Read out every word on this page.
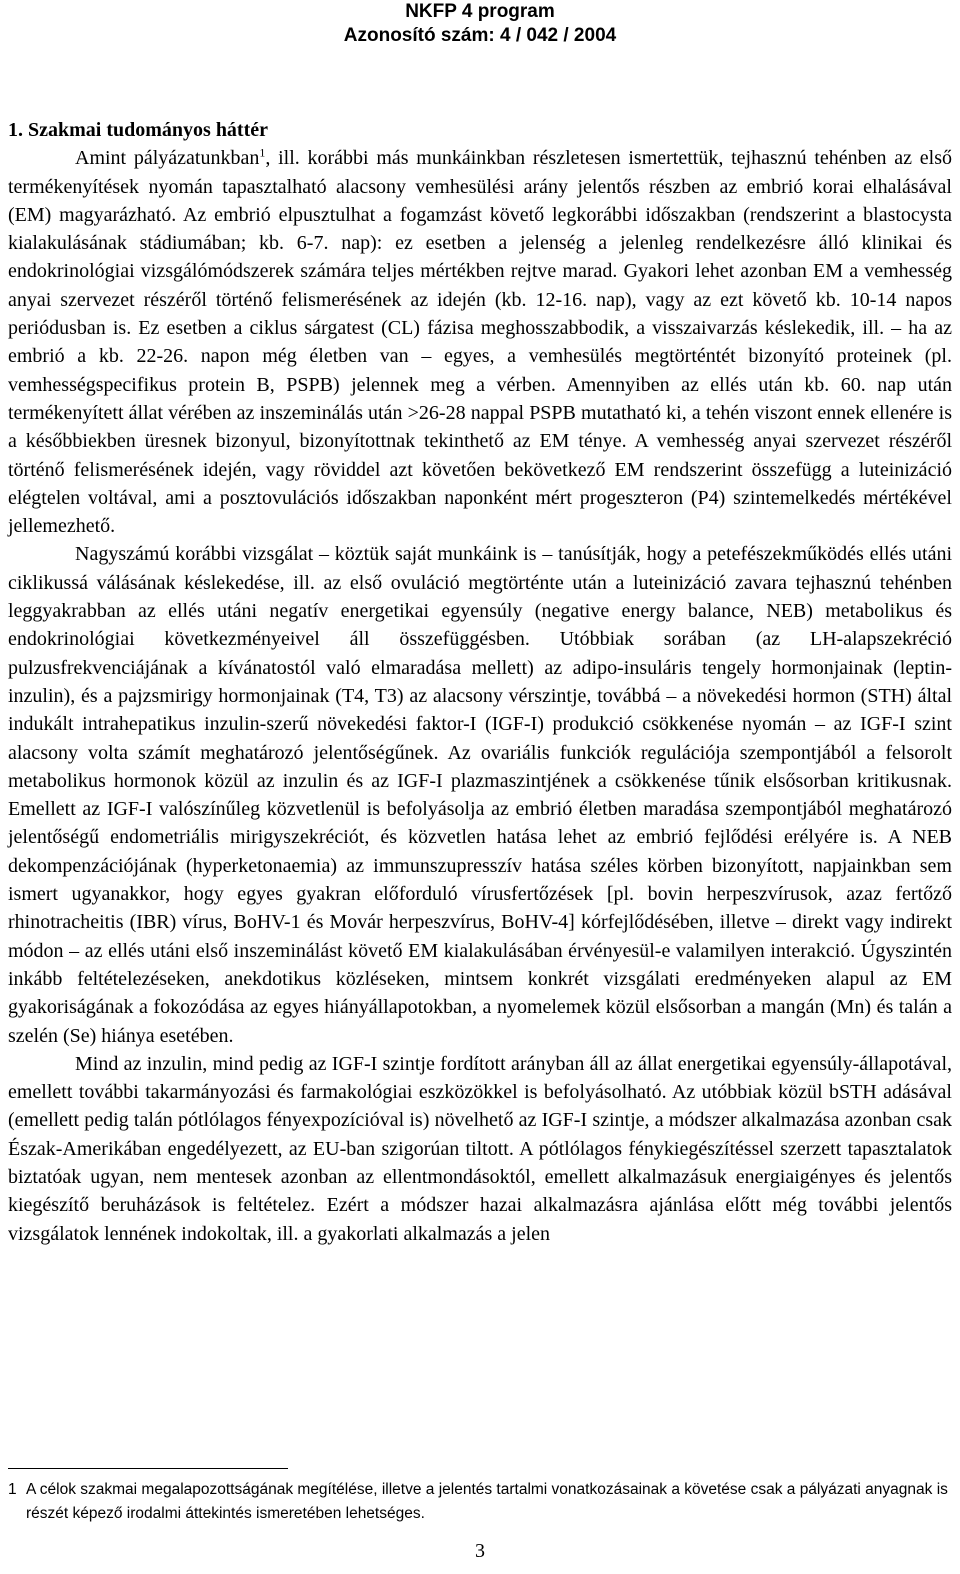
NKFP 4 program
Azonosító szám: 4 / 042 / 2004
1. Szakmai tudományos háttér

Amint pályázatunkban$^1$, ill. korábbi más munkáinkban részletesen ismertettük, tejhasznú tehénben az első termékenyítések nyomán tapasztalható alacsony vemhesülési arány jelentős részben az embrió korai elhalásával (EM) magyarázható. Az embrió elpusztulhat a fogamzást követő legkorábbi időszakban (rendszerint a blastocysta kialakulásának stádiumában; kb. 6-7. nap): ez esetben a jelenség a jelenleg rendelkezésre álló klinikai és endokrinológiai vizsgálómódszerek számára teljes mértékben rejtve marad. Gyakori lehet azonban EM a vemhesség anyai szervezet részéről történő felismerésének az idején (kb. 12-16. nap), vagy az ezt követő kb. 10-14 napos periódusban is. Ez esetben a ciklus sárgatest (CL) fázisa meghosszabbodik, a visszaivarzás késlekedik, ill. – ha az embrió a kb. 22-26. napon még életben van – egyes, a vemhesülés megtörténtét bizonyító proteinek (pl. vemhességspecifikus protein B, PSPB) jelennek meg a vérben. Amennyiben az ellés után kb. 60. nap után termékenyített állat vérében az inszeminálás után >26-28 nappal PSPB mutatható ki, a tehén viszont ennek ellenére is a későbbiekben üresnek bizonyul, bizonyítottnak tekinthető az EM ténye. A vemhesség anyai szervezet részéről történő felismerésének idején, vagy röviddel azt követően bekövetkező EM rendszerint összefügg a luteinizáció elégtelen voltával, ami a posztovulációs időszakban naponként mért progeszteron (P4) szintemelkedés mértékével jellemezhető.

Nagyszámú korábbi vizsgálat – köztük saját munkáink is – tanúsítják, hogy a petefészekműködés ellés utáni ciklikussá válásának késlekedése, ill. az első ovuláció megtörténte után a luteinizáció zavara tejhasznú tehénben leggyakrabban az ellés utáni negatív energetikai egyensúly (negative energy balance, NEB) metabolikus és endokrinológiai következményeivel áll összefüggésben. Utóbbiak sorában (az LH-alapszekréció pulzusfrekvenciájának a kívánatostól való elmaradása mellett) az adipo-insuláris tengely hormonjainak (leptin-inzulin), és a pajzsmirigy hormonjainak (T4, T3) az alacsony vérszintje, továbbá – a növekedési hormon (STH) által indukált intrahepatikus inzulin-szerű növekedési faktor-I (IGF-I) produkció csökkenése nyomán – az IGF-I szint alacsony volta számít meghatározó jelentőségűnek. Az ovariális funkciók regulációja szempontjából a felsorolt metabolikus hormonok közül az inzulin és az IGF-I plazmaszintjének a csökkenése tűnik elsősorban kritikusnak. Emellett az IGF-I valószínűleg közvetlenül is befolyásolja az embrió életben maradása szempontjából meghatározó jelentőségű endometriális mirigyszekréciót, és közvetlen hatása lehet az embrió fejlődési erélyére is. A NEB dekompenzációjának (hyperketonaemia) az immunszupresszív hatása széles körben bizonyított, napjainkban sem ismert ugyanakkor, hogy egyes gyakran előforduló vírusfertőzések [pl. bovin herpeszvírusok, azaz fertőző rhinotracheitis (IBR) vírus, BoHV-1 és Movár herpeszvírus, BoHV-4] kórfejlődésében, illetve – direkt vagy indirekt módon – az ellés utáni első inszeminálást követő EM kialakulásában érvényesül-e valamilyen interakció. Úgyszintén inkább feltételezéseken, anekdotikus közléseken, mintsem konkrét vizsgálati eredményeken alapul az EM gyakoriságának a fokozódása az egyes hiányállapotokban, a nyomelemek közül elsősorban a mangán (Mn) és talán a szelén (Se) hiánya esetében.

Mind az inzulin, mind pedig az IGF-I szintje fordított arányban áll az állat energetikai egyensúly-állapotával, emellett további takarmányozási és farmakológiai eszközökkel is befolyásolható. Az utóbbiak közül bSTH adásával (emellett pedig talán pótlólagos fényexpozícióval is) növelhető az IGF-I szintje, a módszer alkalmazása azonban csak Észak-Amerikában engedélyezett, az EU-ban szigorúan tiltott. A pótlólagos fénykiegészítéssel szerzett tapasztalatok biztatóak ugyan, nem mentesek azonban az ellentmondásoktól, emellett alkalmazásuk energiaigényes és jelentős kiegészítő beruházások is feltételez. Ezért a módszer hazai alkalmazásra ajánlása előtt még további jelentős vizsgálatok lennének indokoltak, ill. a gyakorlati alkalmazás a jelen

1 A célok szakmai megalapozottságának megítélése, illetve a jelentés tartalmi vonatkozásainak a követése csak a pályázati anyagnak is részét képező irodalmi áttekintés ismeretében lehetséges.
3
